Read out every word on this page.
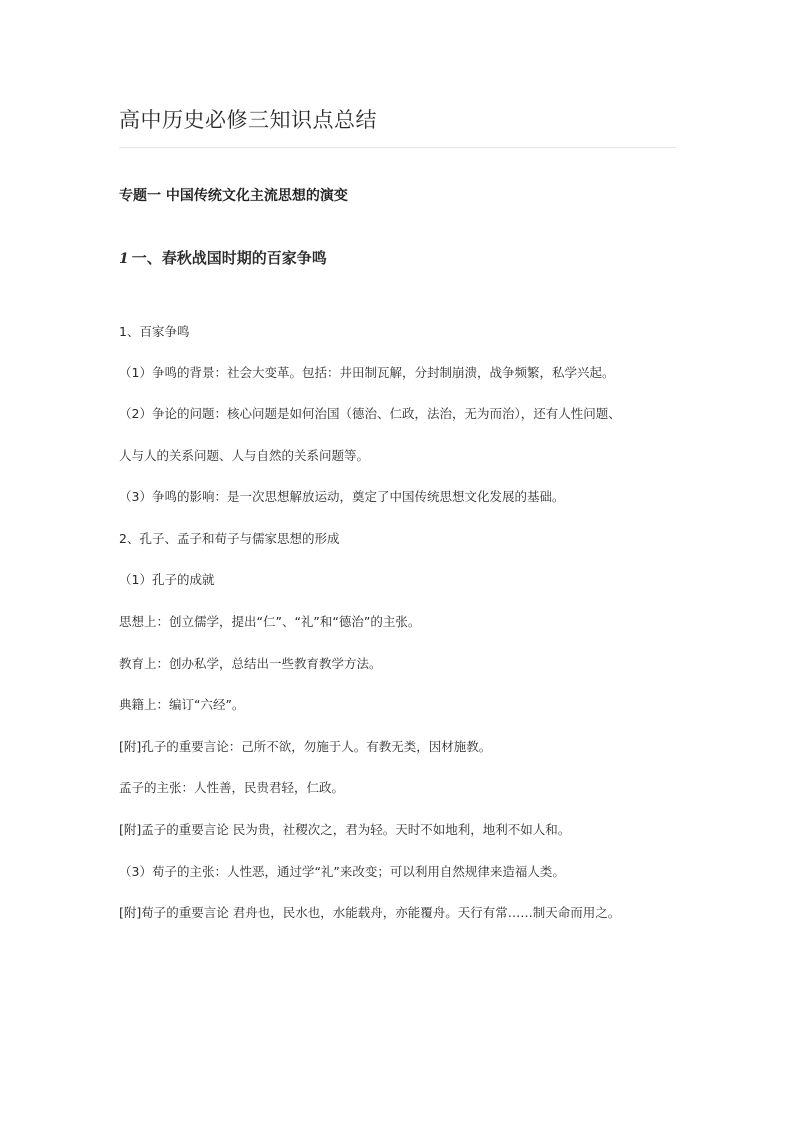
高中历史必修三知识点总结
专题一 中国传统文化主流思想的演变
1 一、春秋战国时期的百家争鸣

1、百家争鸣

（1）争鸣的背景：社会大变革。包括：井田制瓦解，分封制崩溃，战争频繁，私学兴起。

（2）争论的问题：核心问题是如何治国（德治、仁政，法治，无为而治），还有人性问题、

人与人的关系问题、人与自然的关系问题等。

（3）争鸣的影响：是一次思想解放运动，奠定了中国传统思想文化发展的基础。

2、孔子、孟子和荀子与儒家思想的形成

（1）孔子的成就

思想上：创立儒学，提出“仁”、“礼”和“德治”的主张。

教育上：创办私学，总结出一些教育教学方法。

典籍上：编订“六经”。

[附]孔子的重要言论：己所不欲，勿施于人。有教无类，因材施教。

孟子的主张：人性善，民贵君轻，仁政。

[附]孟子的重要言论 民为贵，社稷次之，君为轻。天时不如地利，地利不如人和。

（3）荀子的主张：人性恶，通过学“礼”来改变；可以利用自然规律来造福人类。

[附]荀子的重要言论 君舟也，民水也，水能载舟，亦能覆舟。天行有常……制天命而用之。
